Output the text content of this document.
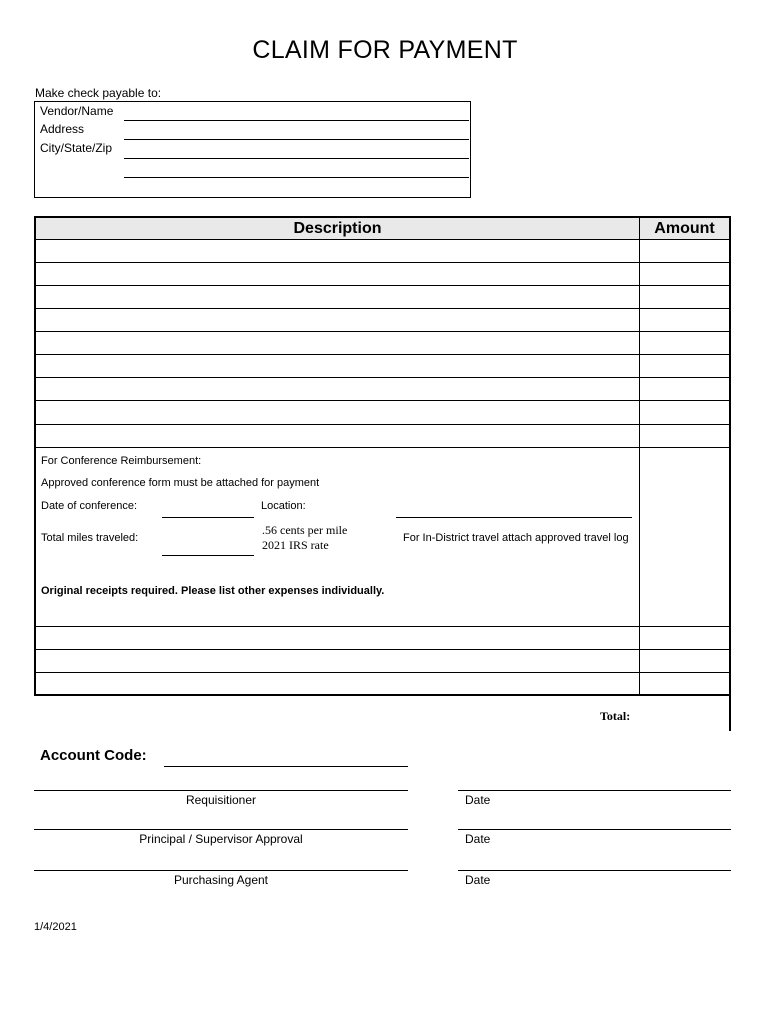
CLAIM FOR PAYMENT
Make check payable to:
Vendor/Name
Address
City/State/Zip
Description	Amount
For Conference Reimbursement:
Approved conference form must be attached for payment
Date of conference:	Location:
Total miles traveled:
.56 cents per mile
2021 IRS rate	For In-District travel attach approved travel log
Original receipts required. Please list other expenses individually.
Total:
Account Code:
Requisitioner	Date
Principal / Supervisor Approval	Date
Purchasing Agent	Date
1/4/2021
